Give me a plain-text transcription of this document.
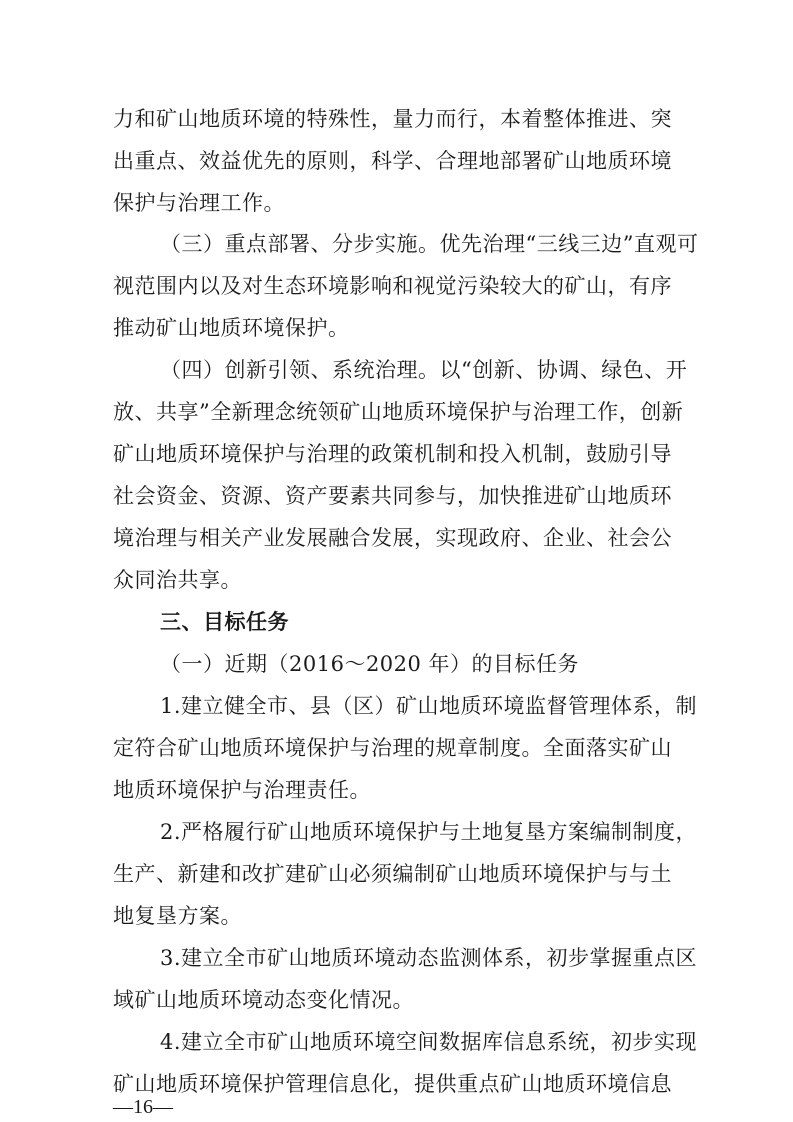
力和矿山地质环境的特殊性，量力而行，本着整体推进、突
出重点、效益优先的原则，科学、合理地部署矿山地质环境
保护与治理工作。
（三）重点部署、分步实施。优先治理“三线三边”直观可
视范围内以及对生态环境影响和视觉污染较大的矿山，有序
推动矿山地质环境保护。
（四）创新引领、系统治理。以“创新、协调、绿色、开
放、共享”全新理念统领矿山地质环境保护与治理工作，创新
矿山地质环境保护与治理的政策机制和投入机制，鼓励引导
社会资金、资源、资产要素共同参与，加快推进矿山地质环
境治理与相关产业发展融合发展，实现政府、企业、社会公
众同治共享。
三、目标任务
（一）近期（2016～2020 年）的目标任务
1.建立健全市、县（区）矿山地质环境监督管理体系，制
定符合矿山地质环境保护与治理的规章制度。全面落实矿山
地质环境保护与治理责任。
2.严格履行矿山地质环境保护与土地复垦方案编制制度，
生产、新建和改扩建矿山必须编制矿山地质环境保护与与土
地复垦方案。
3.建立全市矿山地质环境动态监测体系，初步掌握重点区
域矿山地质环境动态变化情况。
4.建立全市矿山地质环境空间数据库信息系统，初步实现
矿山地质环境保护管理信息化，提供重点矿山地质环境信息
—16—
